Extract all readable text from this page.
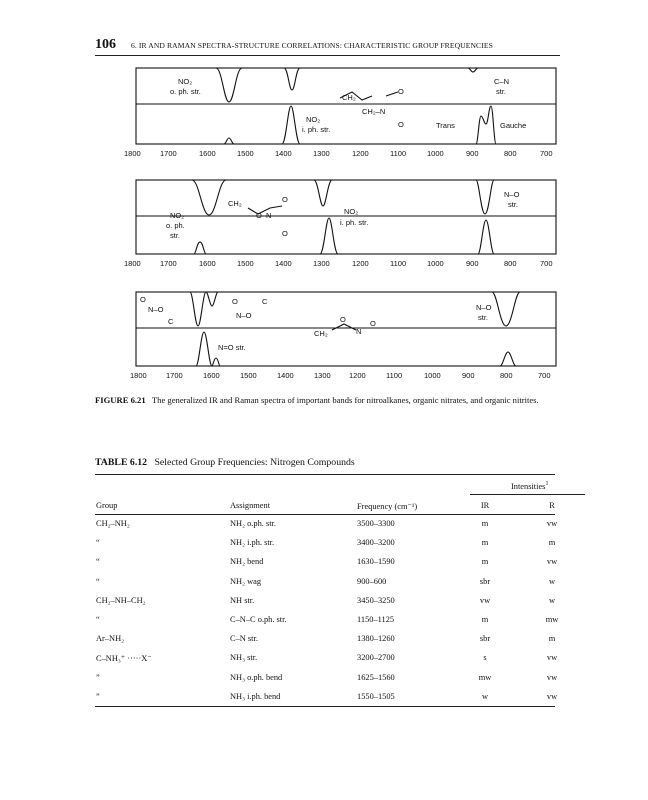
106 6. IR AND RAMAN SPECTRA-STRUCTURE CORRELATIONS: CHARACTERISTIC GROUP FREQUENCIES
1800	1700	1600	1500	1400	1300	1200	1100	1000	900	800	700
NO₂
o. ph. str.
NO₂
i. ph. str.
CH₂
CH₂–N
O
O
C–N
str.
Trans	Gauche
1800	1700	1600	1500	1400	1300	1200	1100	1000	900	800	700
NO₂
o. ph.
str.
CH₂
O–N
O
O
NO₂
i. ph. str.
N–O
str.
1800	1700	1600	1500	1400	1300 1200	1100	1000	900	800	700
O
N–O
C
O	C
N–O
CH₂
O
N
O
N–O
str.
N=O str.
FIGURE 6.21 The generalized IR and Raman spectra of important bands for nitroalkanes, organic nitrates, and organic nitrites.
TABLE 6.12 Selected Group Frequencies: Nitrogen Compounds
Intensities$^1$
Group	Assignment	Frequency (cm⁻¹)	IR	R
CH₂–NH₂	NH₂ o.ph. str.	3500–3300	m	vw
“	NH₂ i.ph. str.	3400–3200	m	m
“	NH₂ bend	1630–1590	m	vw
“	NH₂ wag	900–600	sbr	w
CH₂–NH–CH₂	NH str.	3450–3250	vw	w
“	C–N–C o.ph. str.	1150–1125	m	mw
Ar–NH₂	C–N str.	1380–1260	sbr	m
C–NH₃⁺ ·····X⁻	NH₃ str.	3200–2700	s	vw
”	NH₃ o.ph. bend	1625–1560	mw	vw
”	NH₃ i.ph. bend	1550–1505	w	vw
